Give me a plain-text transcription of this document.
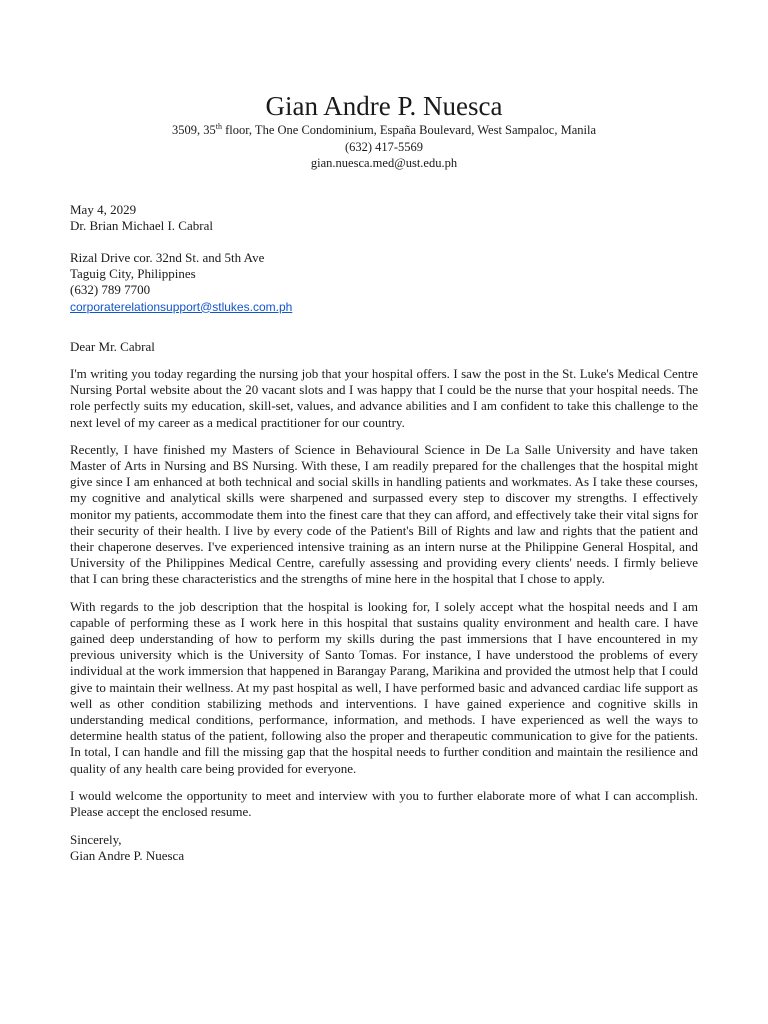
Gian Andre P. Nuesca
3509, 35th floor, The One Condominium, España Boulevard, West Sampaloc, Manila
(632) 417-5569
gian.nuesca.med@ust.edu.ph
May 4, 2029
Dr. Brian Michael I. Cabral
Rizal Drive cor. 32nd St. and 5th Ave
Taguig City, Philippines
(632) 789 7700
corporaterelationsupport@stlukes.com.ph
Dear Mr. Cabral
I'm writing you today regarding the nursing job that your hospital offers. I saw the post in the St. Luke's Medical Centre Nursing Portal website about the 20 vacant slots and I was happy that I could be the nurse that your hospital needs. The role perfectly suits my education, skill-set, values, and advance abilities and I am confident to take this challenge to the next level of my career as a medical practitioner for our country.
Recently, I have finished my Masters of Science in Behavioural Science in De La Salle University and have taken Master of Arts in Nursing and BS Nursing. With these, I am readily prepared for the challenges that the hospital might give since I am enhanced at both technical and social skills in handling patients and workmates. As I take these courses, my cognitive and analytical skills were sharpened and surpassed every step to discover my strengths. I effectively monitor my patients, accommodate them into the finest care that they can afford, and effectively take their vital signs for their security of their health. I live by every code of the Patient's Bill of Rights and law and rights that the patient and their chaperone deserves. I've experienced intensive training as an intern nurse at the Philippine General Hospital, and University of the Philippines Medical Centre, carefully assessing and providing every clients' needs. I firmly believe that I can bring these characteristics and the strengths of mine here in the hospital that I chose to apply.
With regards to the job description that the hospital is looking for, I solely accept what the hospital needs and I am capable of performing these as I work here in this hospital that sustains quality environment and health care. I have gained deep understanding of how to perform my skills during the past immersions that I have encountered in my previous university which is the University of Santo Tomas. For instance, I have understood the problems of every individual at the work immersion that happened in Barangay Parang, Marikina and provided the utmost help that I could give to maintain their wellness. At my past hospital as well, I have performed basic and advanced cardiac life support as well as other condition stabilizing methods and interventions. I have gained experience and cognitive skills in understanding medical conditions, performance, information, and methods. I have experienced as well the ways to determine health status of the patient, following also the proper and therapeutic communication to give for the patients. In total, I can handle and fill the missing gap that the hospital needs to further condition and maintain the resilience and quality of any health care being provided for everyone.
I would welcome the opportunity to meet and interview with you to further elaborate more of what I can accomplish. Please accept the enclosed resume.
Sincerely,
Gian Andre P. Nuesca
